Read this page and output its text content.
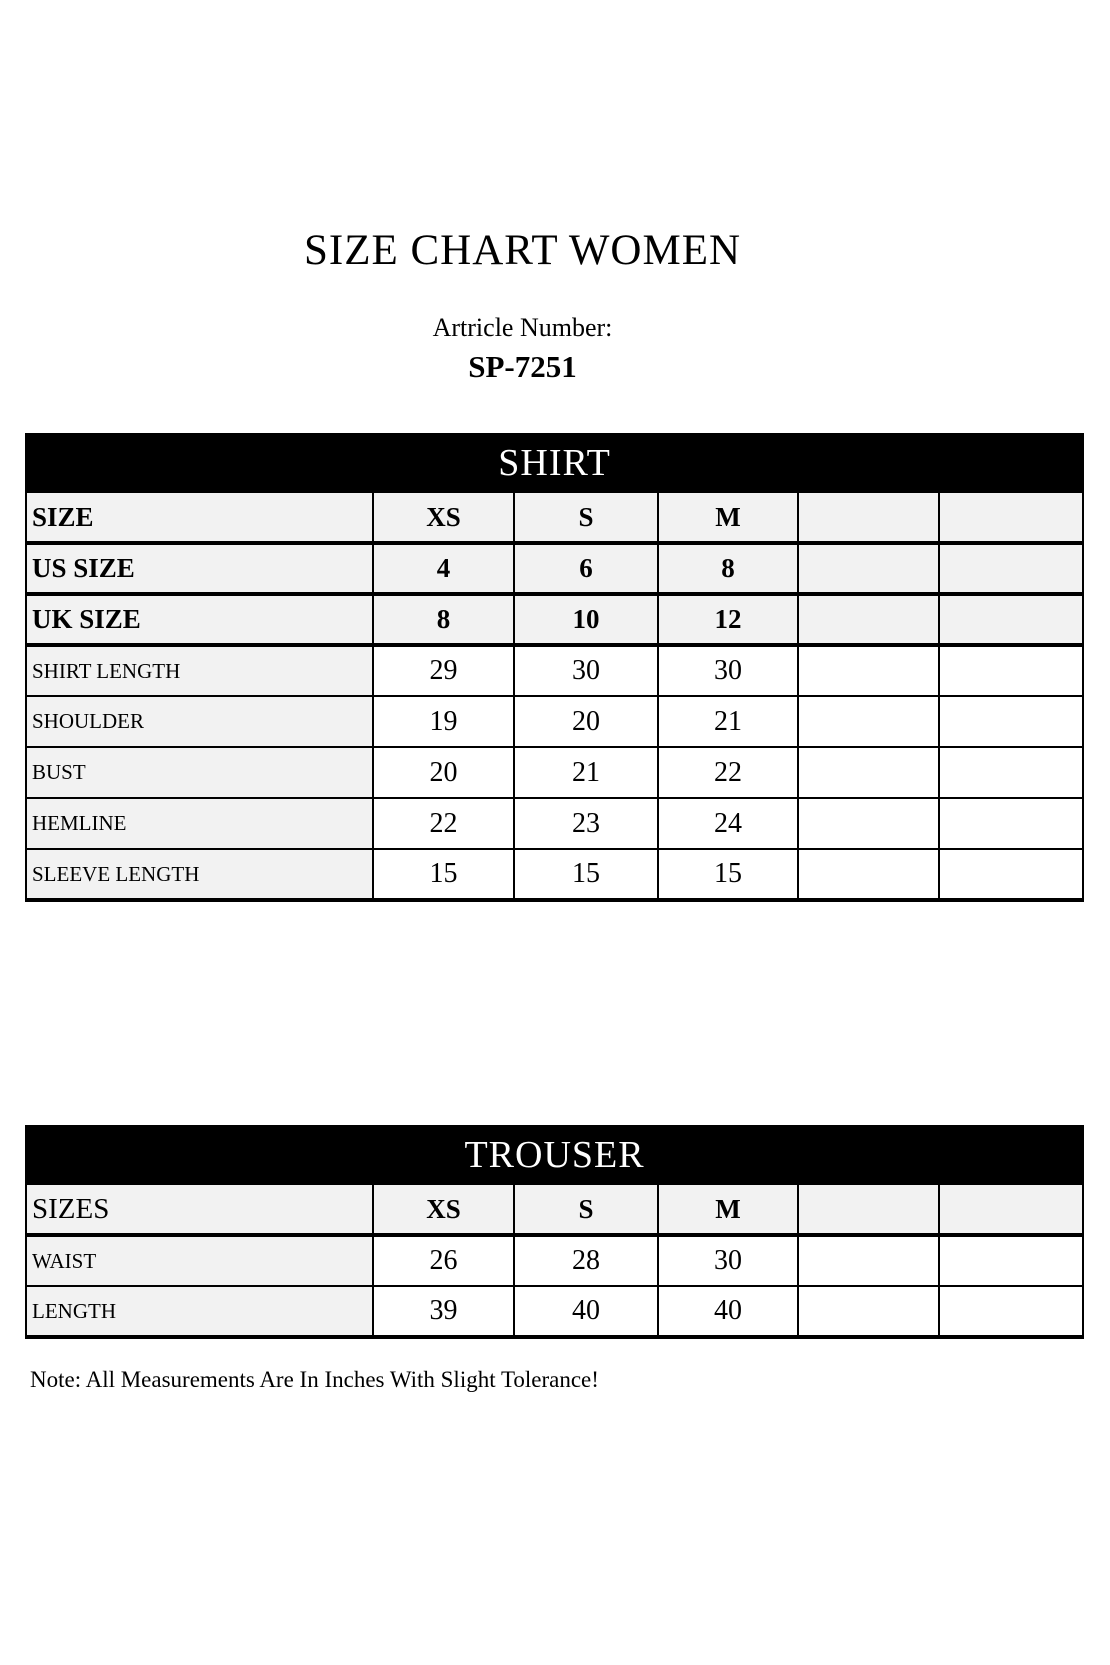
SIZE CHART WOMEN
Artricle Number:
SP-7251
SHIRT					
SIZE	XS	S	M		
US SIZE	4	6	8		
UK SIZE	8	10	12		
SHIRT LENGTH	29	30	30		
SHOULDER	19	20	21		
BUST	20	21	22		
HEMLINE	22	23	24		
SLEEVE LENGTH	15	15	15		
TROUSER					
SIZES	XS	S	M		
WAIST	26	28	30		
LENGTH	39	40	40		
Note: All Measurements Are In Inches With Slight Tolerance!
